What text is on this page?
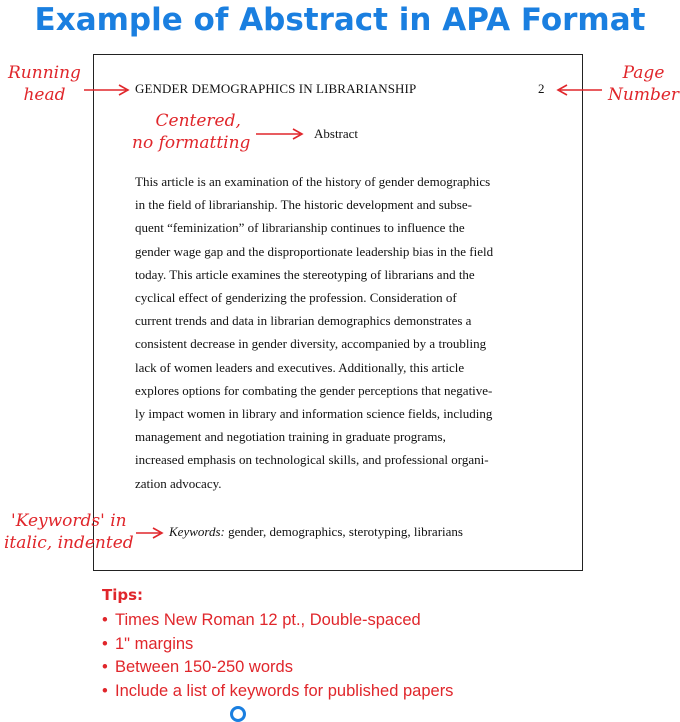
Example of Abstract in APA Format
GENDER DEMOGRAPHICS IN LIBRARIANSHIP	2
Abstract
This article is an examination of the history of gender demographics
in the field of librarianship. The historic development and subse-
quent “feminization” of librarianship continues to influence the
gender wage gap and the disproportionate leadership bias in the field
today. This article examines the stereotyping of librarians and the
cyclical effect of genderizing the profession. Consideration of
current trends and data in librarian demographics demonstrates a
consistent decrease in gender diversity, accompanied by a troubling
lack of women leaders and executives. Additionally, this article
explores options for combating the gender perceptions that negative-
ly impact women in library and information science fields, including
management and negotiation training in graduate programs,
increased emphasis on technological skills, and professional organi-
zation advocacy.
Keywords: gender, demographics, sterotyping, librarians
Running
head
Page
Number
Centered,
no formatting
'Keywords' in
italic, indented
Tips:
• Times New Roman 12 pt., Double-spaced
• 1" margins
• Between 150-250 words
• Include a list of keywords for published papers
